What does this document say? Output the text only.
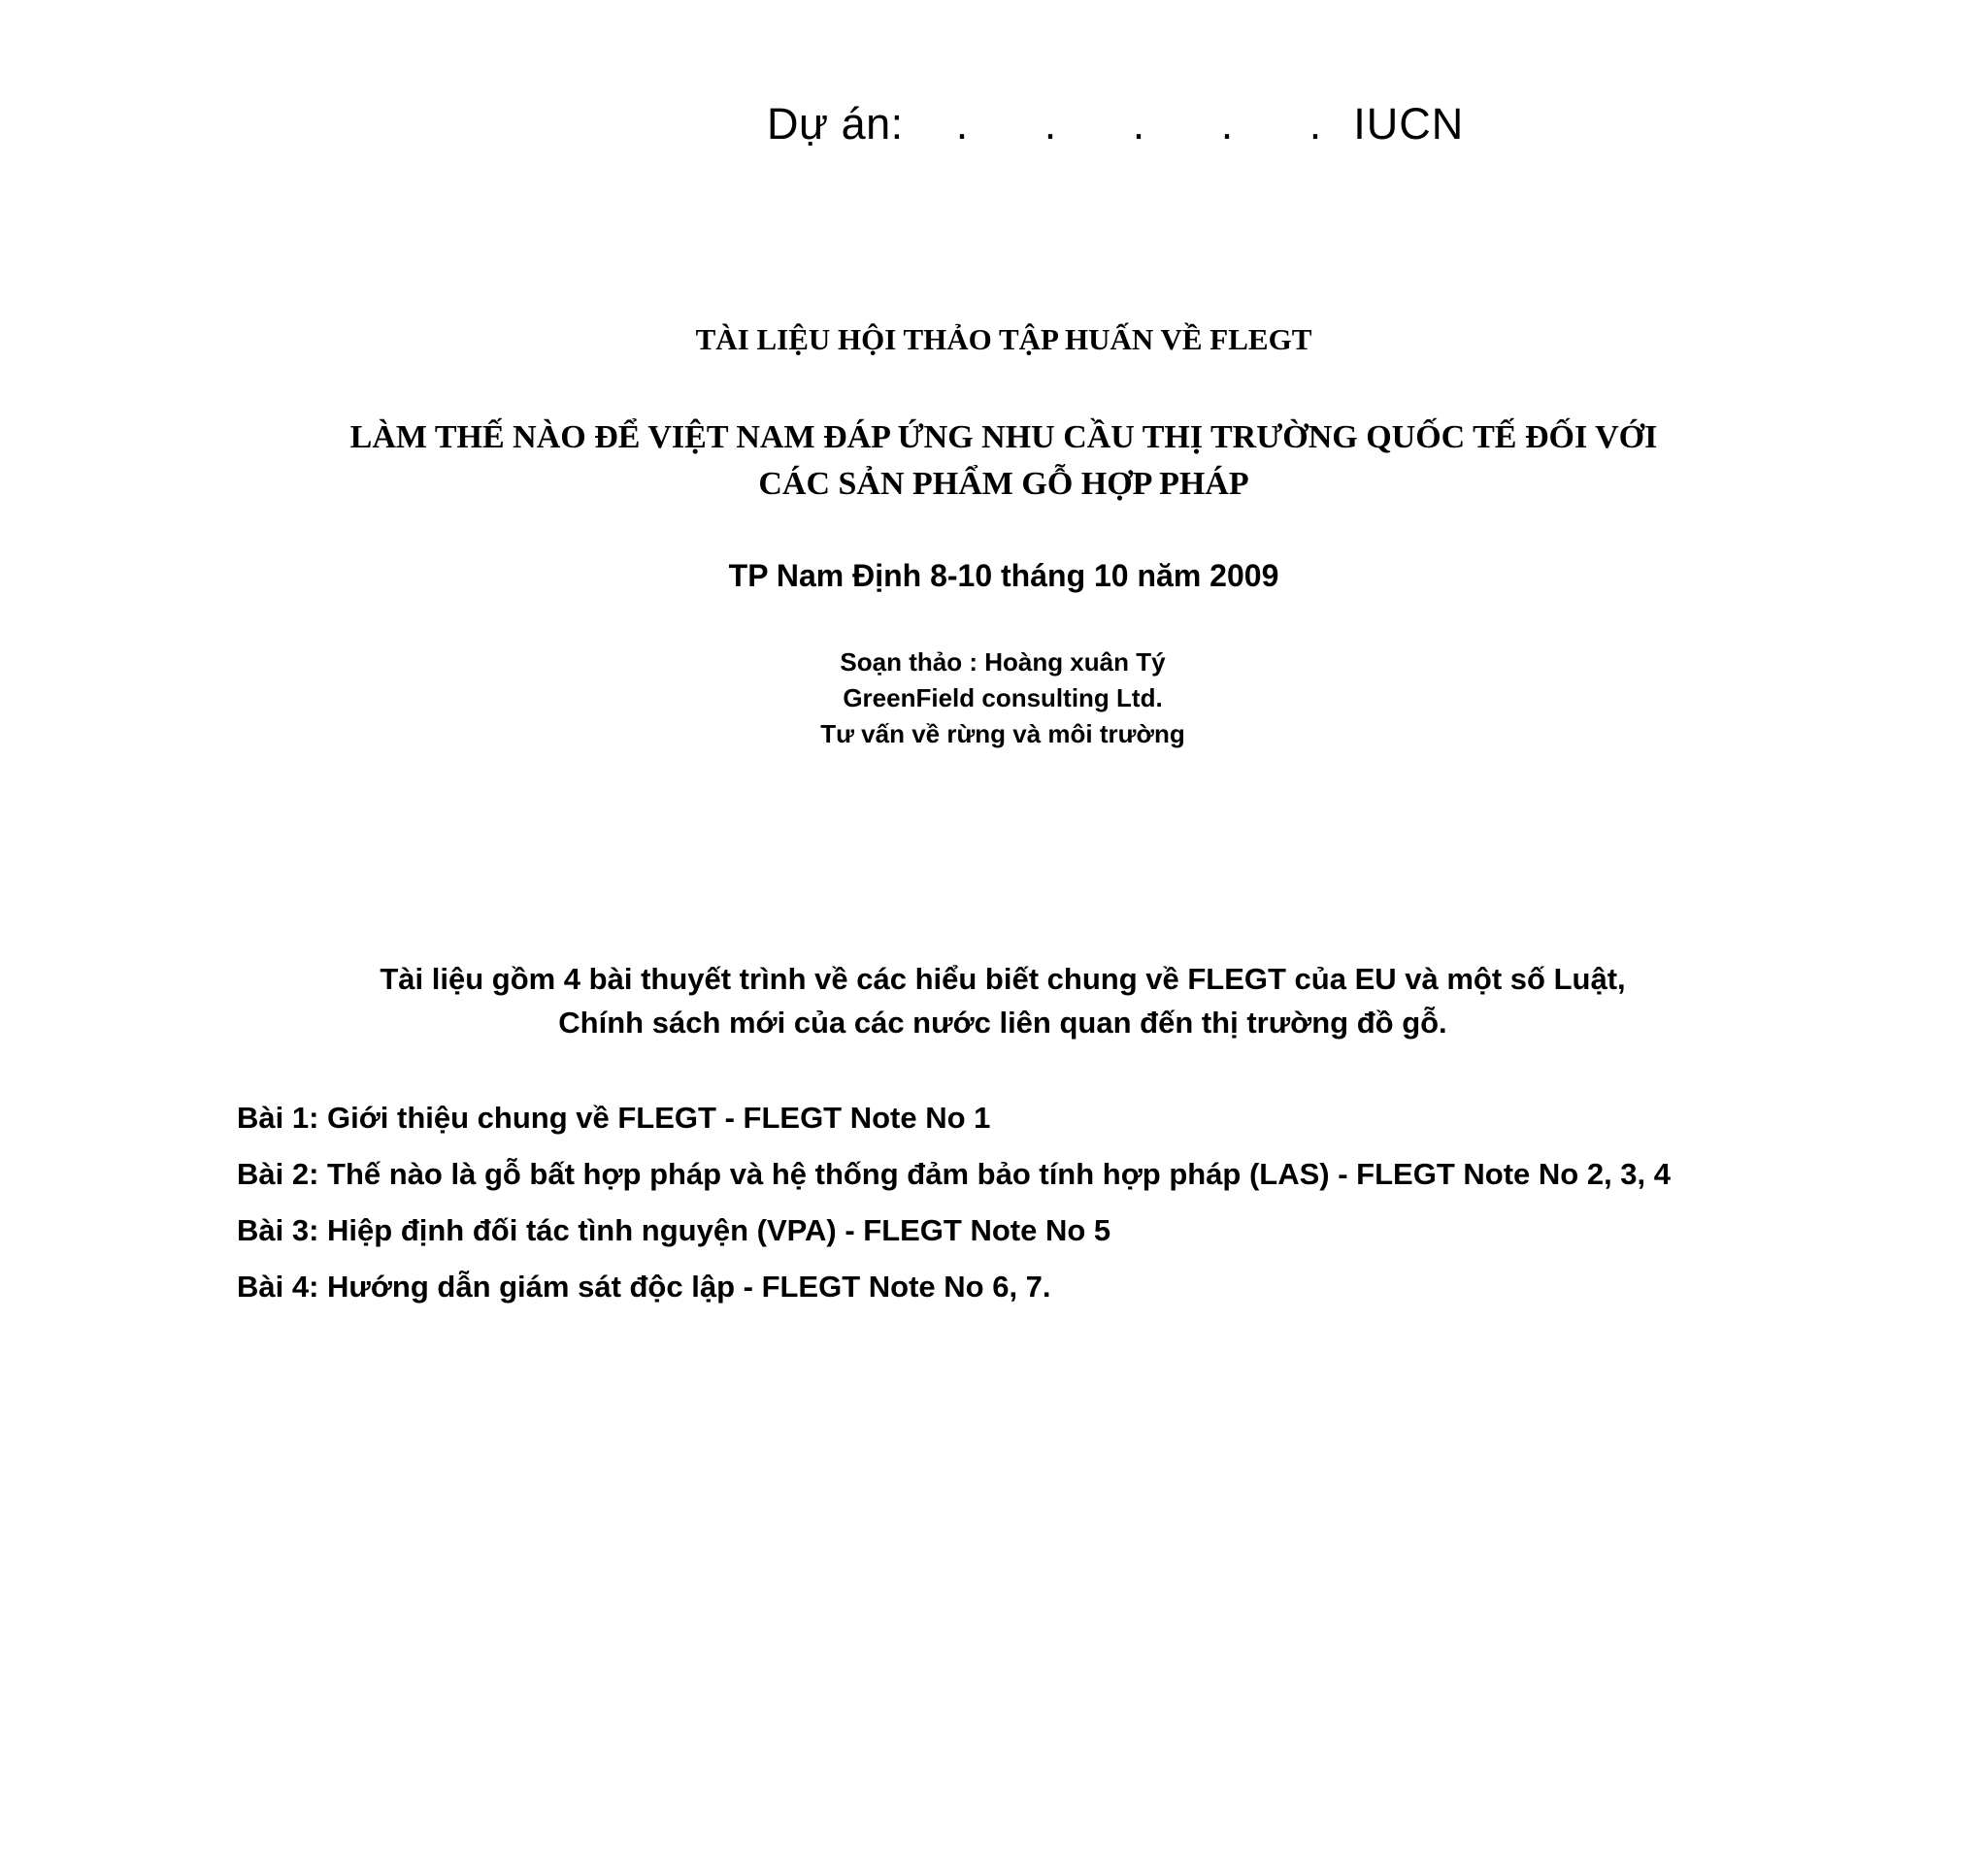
Dự án: . . . . .IUCN
TÀI LIỆU HỘI THẢO TẬP HUẤN VỀ FLEGT
LÀM THẾ NÀO ĐỂ VIỆT NAM ĐÁP ỨNG NHU CẦU THỊ TRƯỜNG QUỐC TẾ ĐỐI VỚI
CÁC SẢN PHẨM GỖ HỢP PHÁP
TP Nam Định 8-10 tháng 10 năm 2009
Soạn thảo : Hoàng xuân Tý
GreenField consulting Ltd.
Tư vấn về rừng và môi trường
Tài liệu gồm 4 bài thuyết trình về các hiểu biết chung về FLEGT của EU và một số Luật,
Chính sách mới của các nước liên quan đến thị trường đồ gỗ.
Bài 1: Giới thiệu chung về FLEGT - FLEGT Note No 1
Bài 2: Thế nào là gỗ bất hợp pháp và hệ thống đảm bảo tính hợp pháp (LAS) - FLEGT Note No 2, 3, 4
Bài 3: Hiệp định đối tác tình nguyện (VPA) - FLEGT Note No 5
Bài 4: Hướng dẫn giám sát độc lập - FLEGT Note No 6, 7.
